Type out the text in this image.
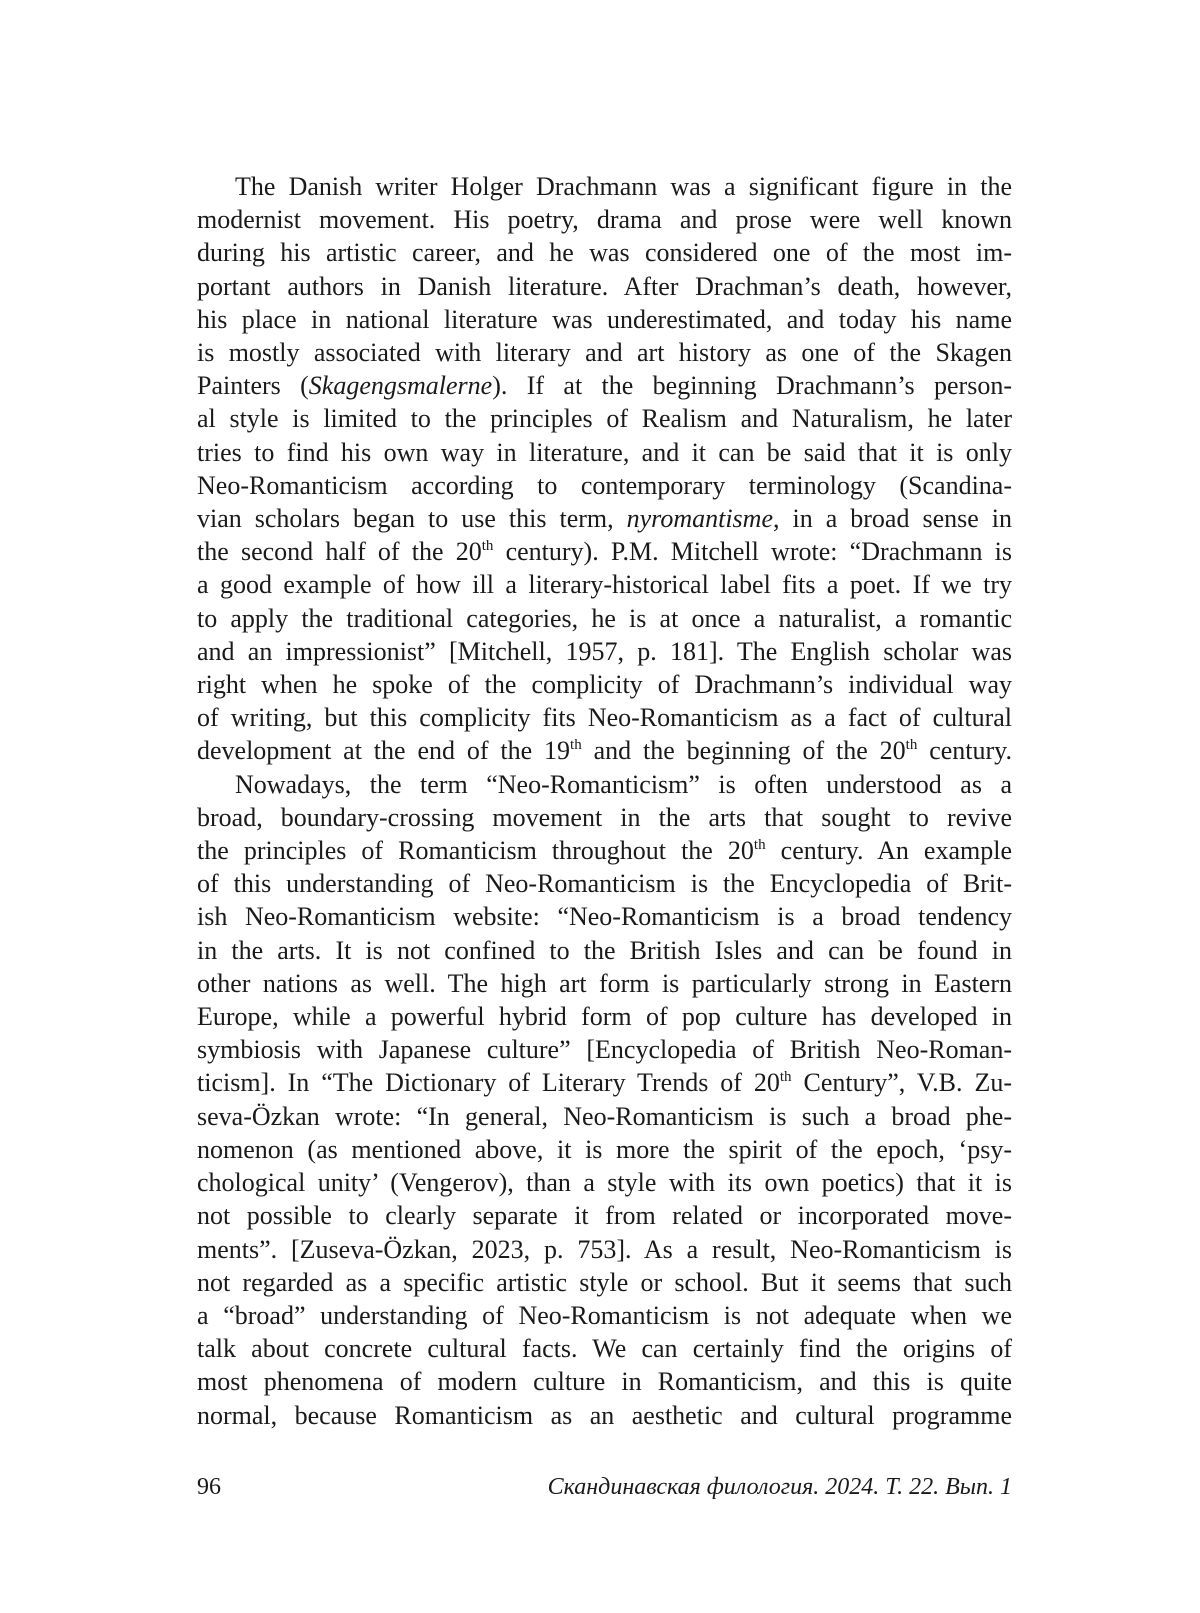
The Danish writer Holger Drachmann was a significant figure in the
modernist movement. His poetry, drama and prose were well known
during his artistic career, and he was considered one of the most im-
portant authors in Danish literature. After Drachman’s death, however,
his place in national literature was underestimated, and today his name
is mostly associated with literary and art history as one of the Skagen
Painters (Skagengsmalerne). If at the beginning Drachmann’s person-
al style is limited to the principles of Realism and Naturalism, he later
tries to find his own way in literature, and it can be said that it is only
Neo-Romanticism according to contemporary terminology (Scandina-
vian scholars began to use this term, nyromantisme, in a broad sense in
the second half of the 20th century). P.M. Mitchell wrote: “Drachmann is
a good example of how ill a literary-historical label fits a poet. If we try
to apply the traditional categories, he is at once a naturalist, a romantic
and an impressionist” [Mitchell, 1957, p. 181]. The English scholar was
right when he spoke of the complicity of Drachmann’s individual way
of writing, but this complicity fits Neo-Romanticism as a fact of cultural
development at the end of the 19th and the beginning of the 20th century.
Nowadays, the term “Neo-Romanticism” is often understood as a
broad, boundary-crossing movement in the arts that sought to revive
the principles of Romanticism throughout the 20th century. An example
of this understanding of Neo-Romanticism is the Encyclopedia of Brit-
ish Neo-Romanticism website: “Neo-Romanticism is a broad tendency
in the arts. It is not confined to the British Isles and can be found in
other nations as well. The high art form is particularly strong in Eastern
Europe, while a powerful hybrid form of pop culture has developed in
symbiosis with Japanese culture” [Encyclopedia of British Neo-Roman-
ticism]. In “The Dictionary of Literary Trends of 20th Century”, V.B. Zu-
seva-Özkan wrote: “In general, Neo-Romanticism is such a broad phe-
nomenon (as mentioned above, it is more the spirit of the epoch, ‘psy-
chological unity’ (Vengerov), than a style with its own poetics) that it is
not possible to clearly separate it from related or incorporated move-
ments”. [Zuseva-Özkan, 2023, p. 753]. As a result, Neo-Romanticism is
not regarded as a specific artistic style or school. But it seems that such
a “broad” understanding of Neo-Romanticism is not adequate when we
talk about concrete cultural facts. We can certainly find the origins of
most phenomena of modern culture in Romanticism, and this is quite
normal, because Romanticism as an aesthetic and cultural programme
96	Скандинавская филология. 2024. Т. 22. Вып. 1
